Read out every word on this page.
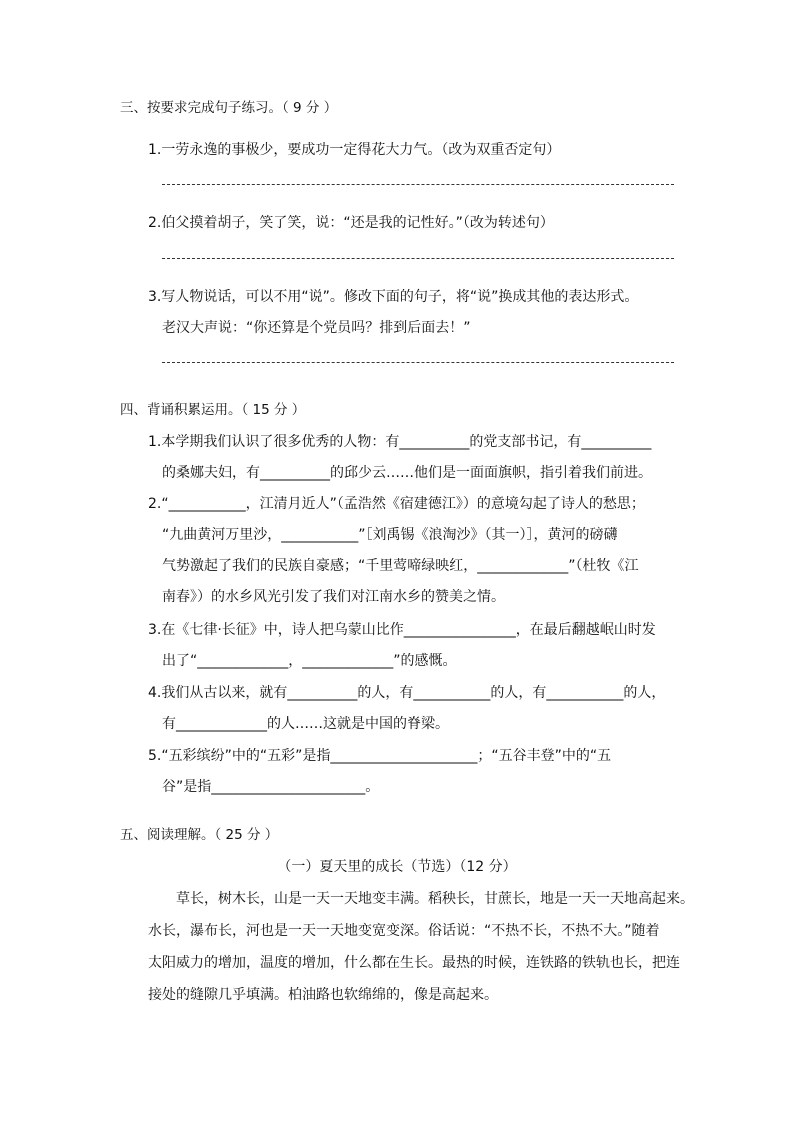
三、按要求完成句子练习。（ 9 分 ）
1.一劳永逸的事极少，要成功一定得花大力气。（改为双重否定句）
2.伯父摸着胡子，笑了笑，说：“还是我的记性好。”（改为转述句）
3.写人物说话，可以不用“说”。修改下面的句子，将“说”换成其他的表达形式。
老汉大声说：“你还算是个党员吗？排到后面去！”
四、背诵积累运用。（ 15 分 ）
1.本学期我们认识了很多优秀的人物：有__________的党支部书记，有__________
的桑娜夫妇，有__________的邱少云……他们是一面面旗帜，指引着我们前进。
2.“___________，江清月近人”（孟浩然《宿建德江》）的意境勾起了诗人的愁思；
“九曲黄河万里沙，___________”［刘禹锡《浪淘沙》（其一）］，黄河的磅礴
气势激起了我们的民族自豪感；“千里莺啼绿映红，_____________”（杜牧《江
南春》）的水乡风光引发了我们对江南水乡的赞美之情。
3.在《七律·长征》中，诗人把乌蒙山比作________________，在最后翻越岷山时发
出了“_____________，_____________”的感慨。
4.我们从古以来，就有__________的人，有___________的人，有___________的人，
有_____________的人……这就是中国的脊梁。
5.“五彩缤纷”中的“五彩”是指_____________________；“五谷丰登”中的“五
谷”是指______________________。
五、阅读理解。（ 25 分 ）
（一）夏天里的成长（节选）（12 分）
草长，树木长，山是一天一天地变丰满。稻秧长，甘蔗长，地是一天一天地高起来。
水长，瀑布长，河也是一天一天地变宽变深。俗话说：“不热不长，不热不大。”随着
太阳威力的增加，温度的增加，什么都在生长。最热的时候，连铁路的铁轨也长，把连
接处的缝隙几乎填满。柏油路也软绵绵的，像是高起来。
